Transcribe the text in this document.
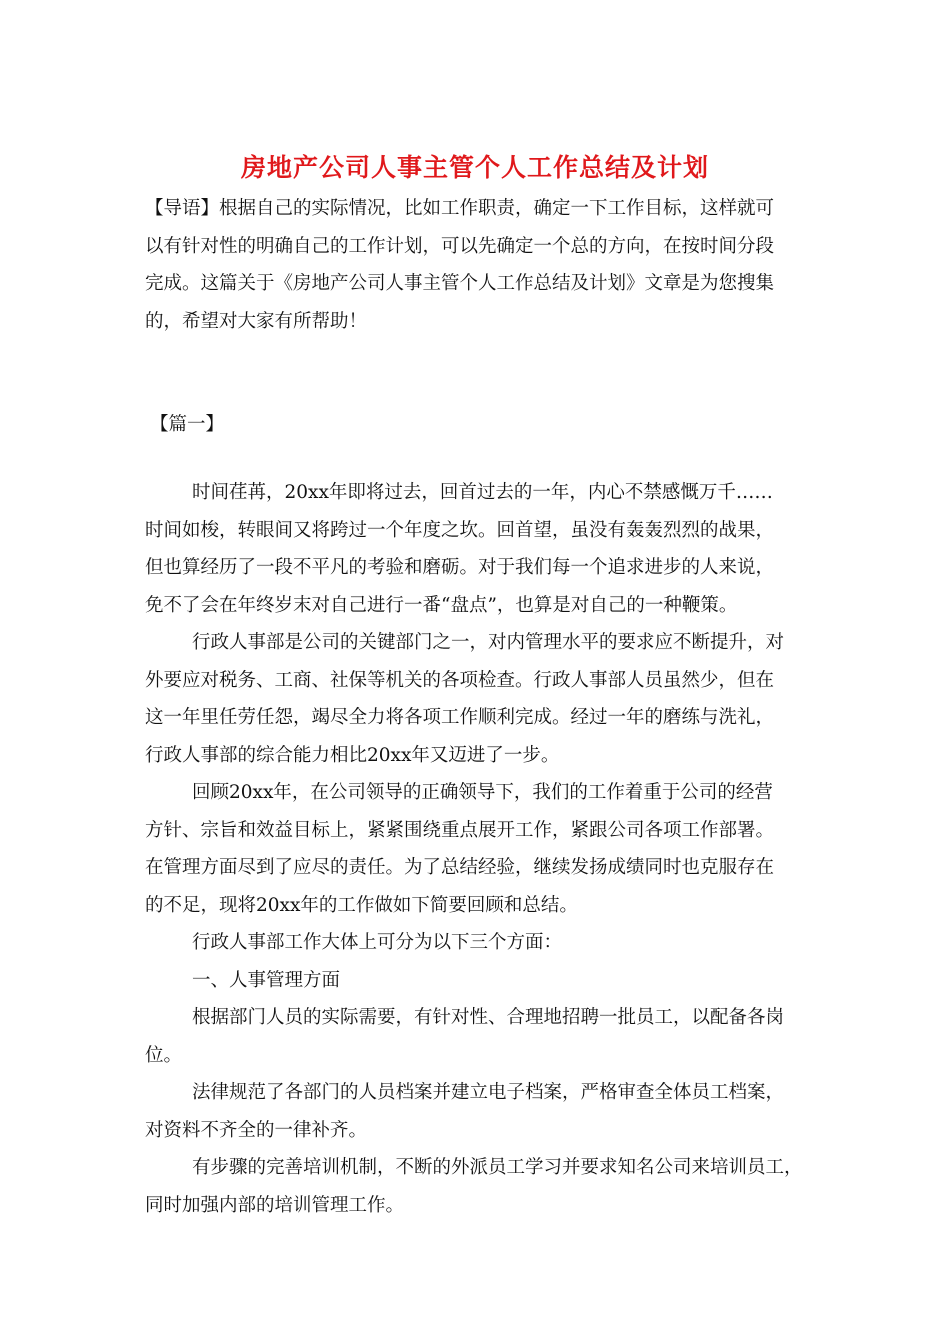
房地产公司人事主管个人工作总结及计划
【导语】根据自己的实际情况，比如工作职责，确定一下工作目标，这样就可
以有针对性的明确自己的工作计划，可以先确定一个总的方向，在按时间分段
完成。这篇关于《房地产公司人事主管个人工作总结及计划》文章是为您搜集
的，希望对大家有所帮助！
【篇一】
时间荏苒，20xx年即将过去，回首过去的一年，内心不禁感慨万千……
时间如梭，转眼间又将跨过一个年度之坎。回首望，虽没有轰轰烈烈的战果，
但也算经历了一段不平凡的考验和磨砺。对于我们每一个追求进步的人来说，
免不了会在年终岁末对自己进行一番“盘点”，也算是对自己的一种鞭策。
行政人事部是公司的关键部门之一，对内管理水平的要求应不断提升，对
外要应对税务、工商、社保等机关的各项检查。行政人事部人员虽然少，但在
这一年里任劳任怨，竭尽全力将各项工作顺利完成。经过一年的磨练与洗礼，
行政人事部的综合能力相比20xx年又迈进了一步。
回顾20xx年，在公司领导的正确领导下，我们的工作着重于公司的经营
方针、宗旨和效益目标上，紧紧围绕重点展开工作，紧跟公司各项工作部署。
在管理方面尽到了应尽的责任。为了总结经验，继续发扬成绩同时也克服存在
的不足，现将20xx年的工作做如下简要回顾和总结。
行政人事部工作大体上可分为以下三个方面：
一、人事管理方面
根据部门人员的实际需要，有针对性、合理地招聘一批员工，以配备各岗
位。
法律规范了各部门的人员档案并建立电子档案，严格审查全体员工档案，
对资料不齐全的一律补齐。
有步骤的完善培训机制，不断的外派员工学习并要求知名公司来培训员工，
同时加强内部的培训管理工作。
